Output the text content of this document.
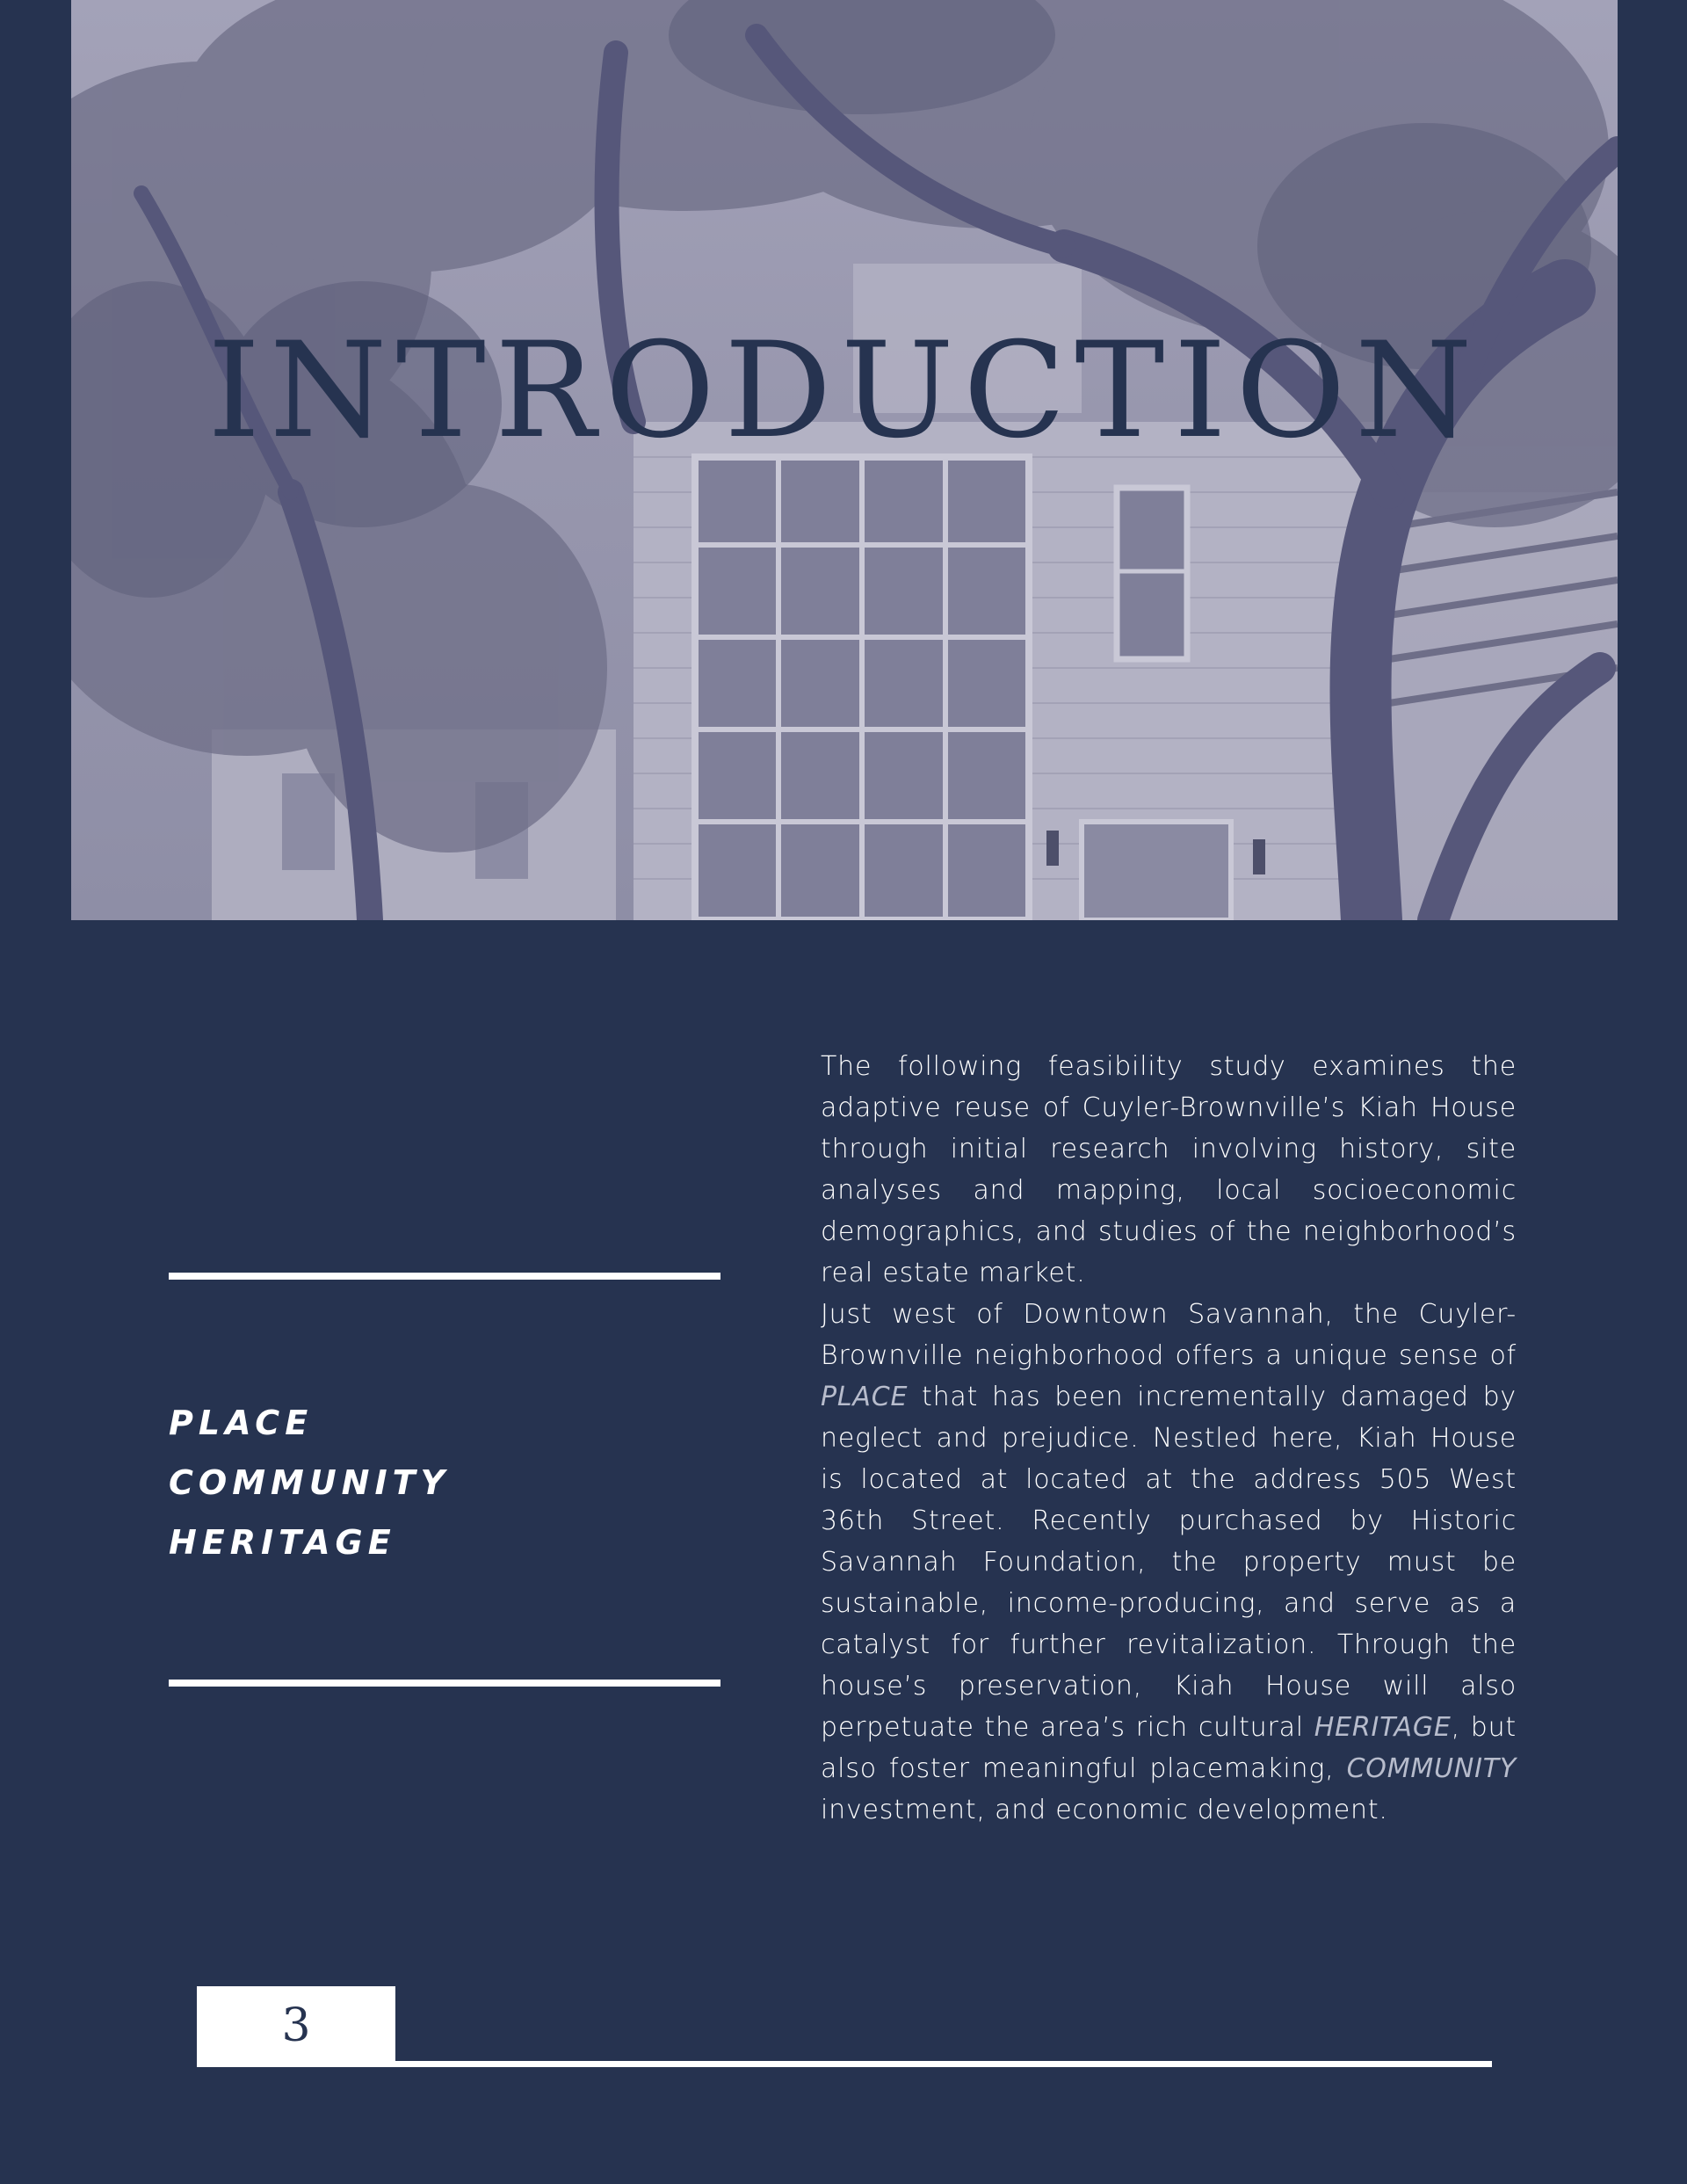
INTRODUCTION
PLACE
COMMUNITY
HERITAGE

The following feasibility study examines the adaptive reuse of Cuyler-Brownville’s Kiah House through initial research involving history, site analyses and mapping, local socioeconomic demographics, and studies of the neighborhood’s real estate market.

Just west of Downtown Savannah, the Cuyler-Brownville neighborhood offers a unique sense of PLACE that has been incrementally damaged by neglect and prejudice. Nestled here, Kiah House is located at located at the address 505 West 36th Street. Recently purchased by Historic Savannah Foundation, the property must be sustainable, income-producing, and serve as a catalyst for further revitalization. Through the house’s preservation, Kiah House will also perpetuate the area’s rich cultural HERITAGE, but also foster meaningful placemaking, COMMUNITY investment, and economic development.

3
